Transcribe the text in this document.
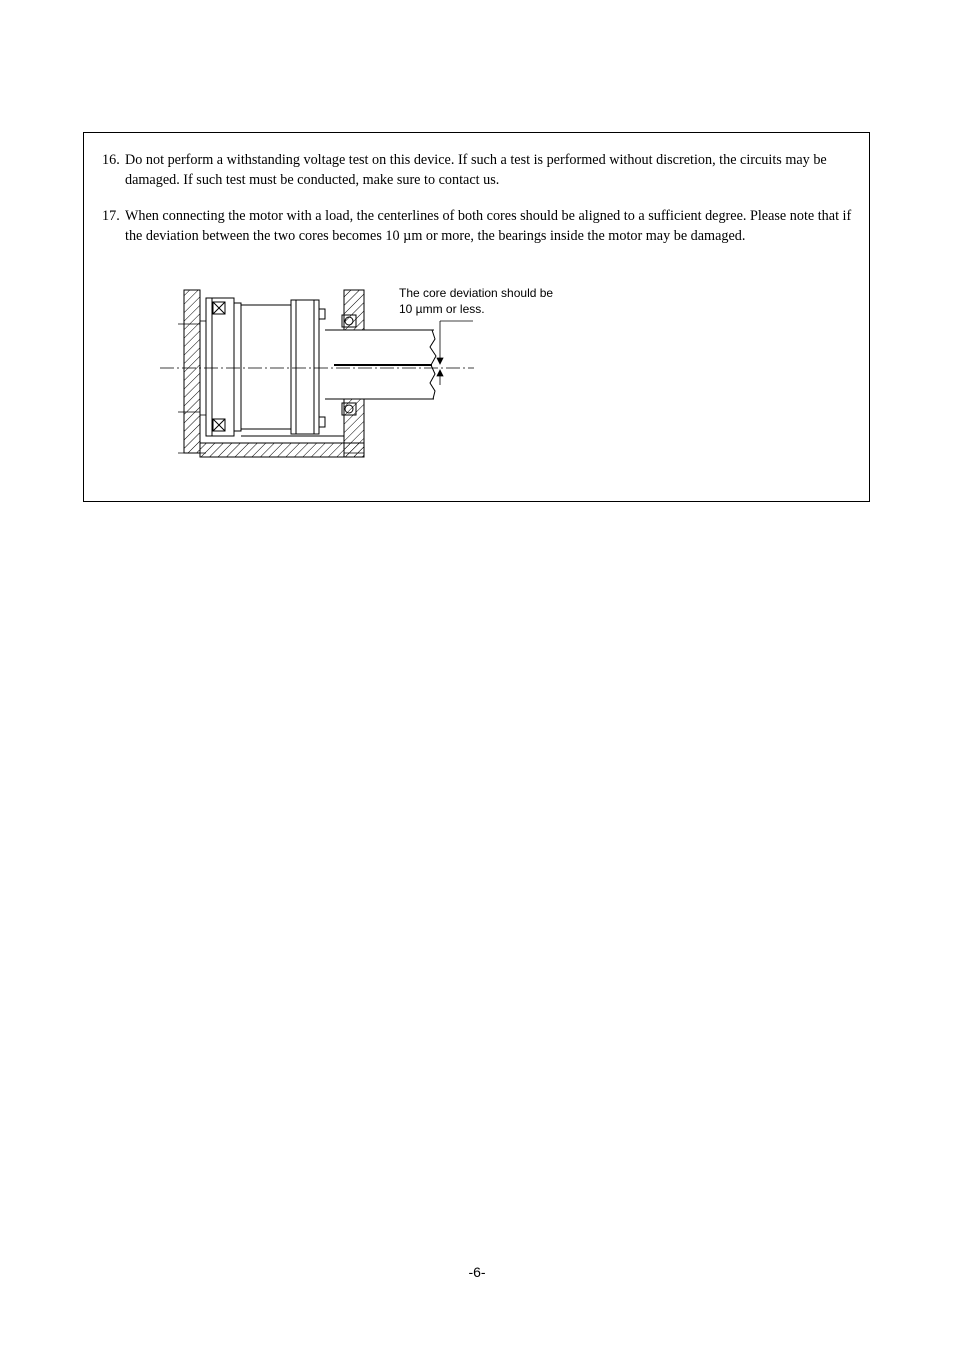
16. Do not perform a withstanding voltage test on this device. If such a test is performed without discretion, the circuits may be damaged. If such test must be conducted, make sure to contact us.
17. When connecting the motor with a load, the centerlines of both cores should be aligned to a sufficient degree. Please note that if the deviation between the two cores becomes 10 µm or more, the bearings inside the motor may be damaged.
The core deviation should be 10 µmm or less.
-6-
